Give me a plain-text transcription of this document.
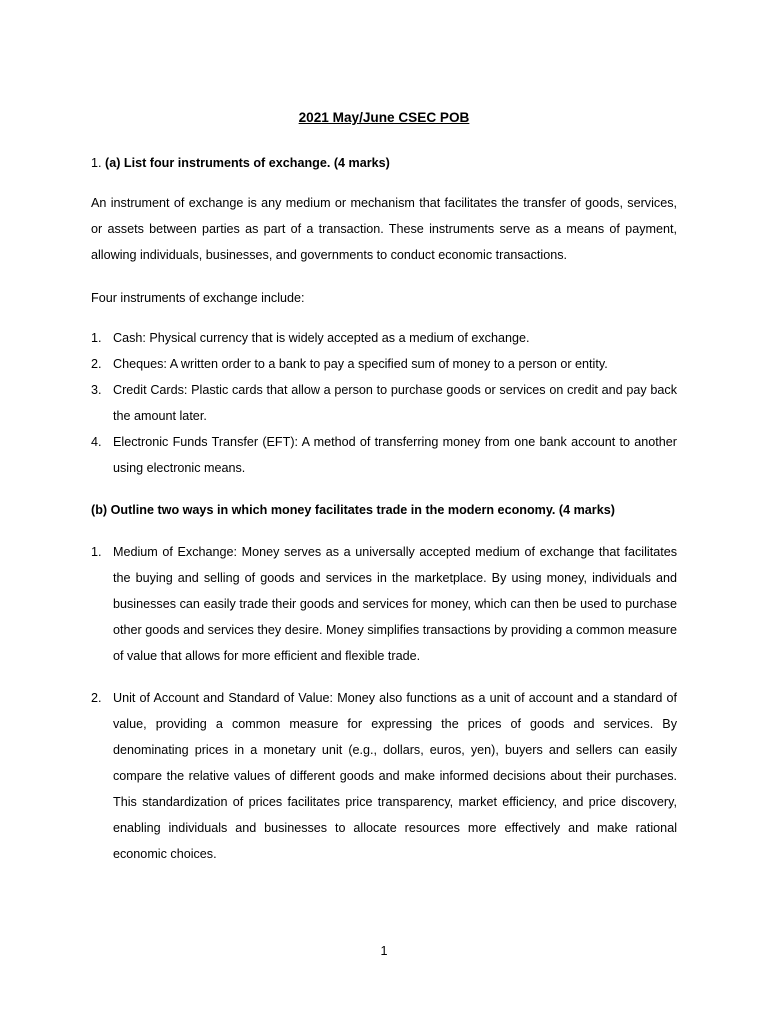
2021 May/June CSEC POB
1. (a) List four instruments of exchange. (4 marks)
An instrument of exchange is any medium or mechanism that facilitates the transfer of goods, services, or assets between parties as part of a transaction. These instruments serve as a means of payment, allowing individuals, businesses, and governments to conduct economic transactions.
Four instruments of exchange include:
1. Cash: Physical currency that is widely accepted as a medium of exchange.
2. Cheques: A written order to a bank to pay a specified sum of money to a person or entity.
3. Credit Cards: Plastic cards that allow a person to purchase goods or services on credit and pay back the amount later.
4. Electronic Funds Transfer (EFT): A method of transferring money from one bank account to another using electronic means.
(b) Outline two ways in which money facilitates trade in the modern economy. (4 marks)
1. Medium of Exchange: Money serves as a universally accepted medium of exchange that facilitates the buying and selling of goods and services in the marketplace. By using money, individuals and businesses can easily trade their goods and services for money, which can then be used to purchase other goods and services they desire. Money simplifies transactions by providing a common measure of value that allows for more efficient and flexible trade.
2. Unit of Account and Standard of Value: Money also functions as a unit of account and a standard of value, providing a common measure for expressing the prices of goods and services. By denominating prices in a monetary unit (e.g., dollars, euros, yen), buyers and sellers can easily compare the relative values of different goods and make informed decisions about their purchases. This standardization of prices facilitates price transparency, market efficiency, and price discovery, enabling individuals and businesses to allocate resources more effectively and make rational economic choices.
1
